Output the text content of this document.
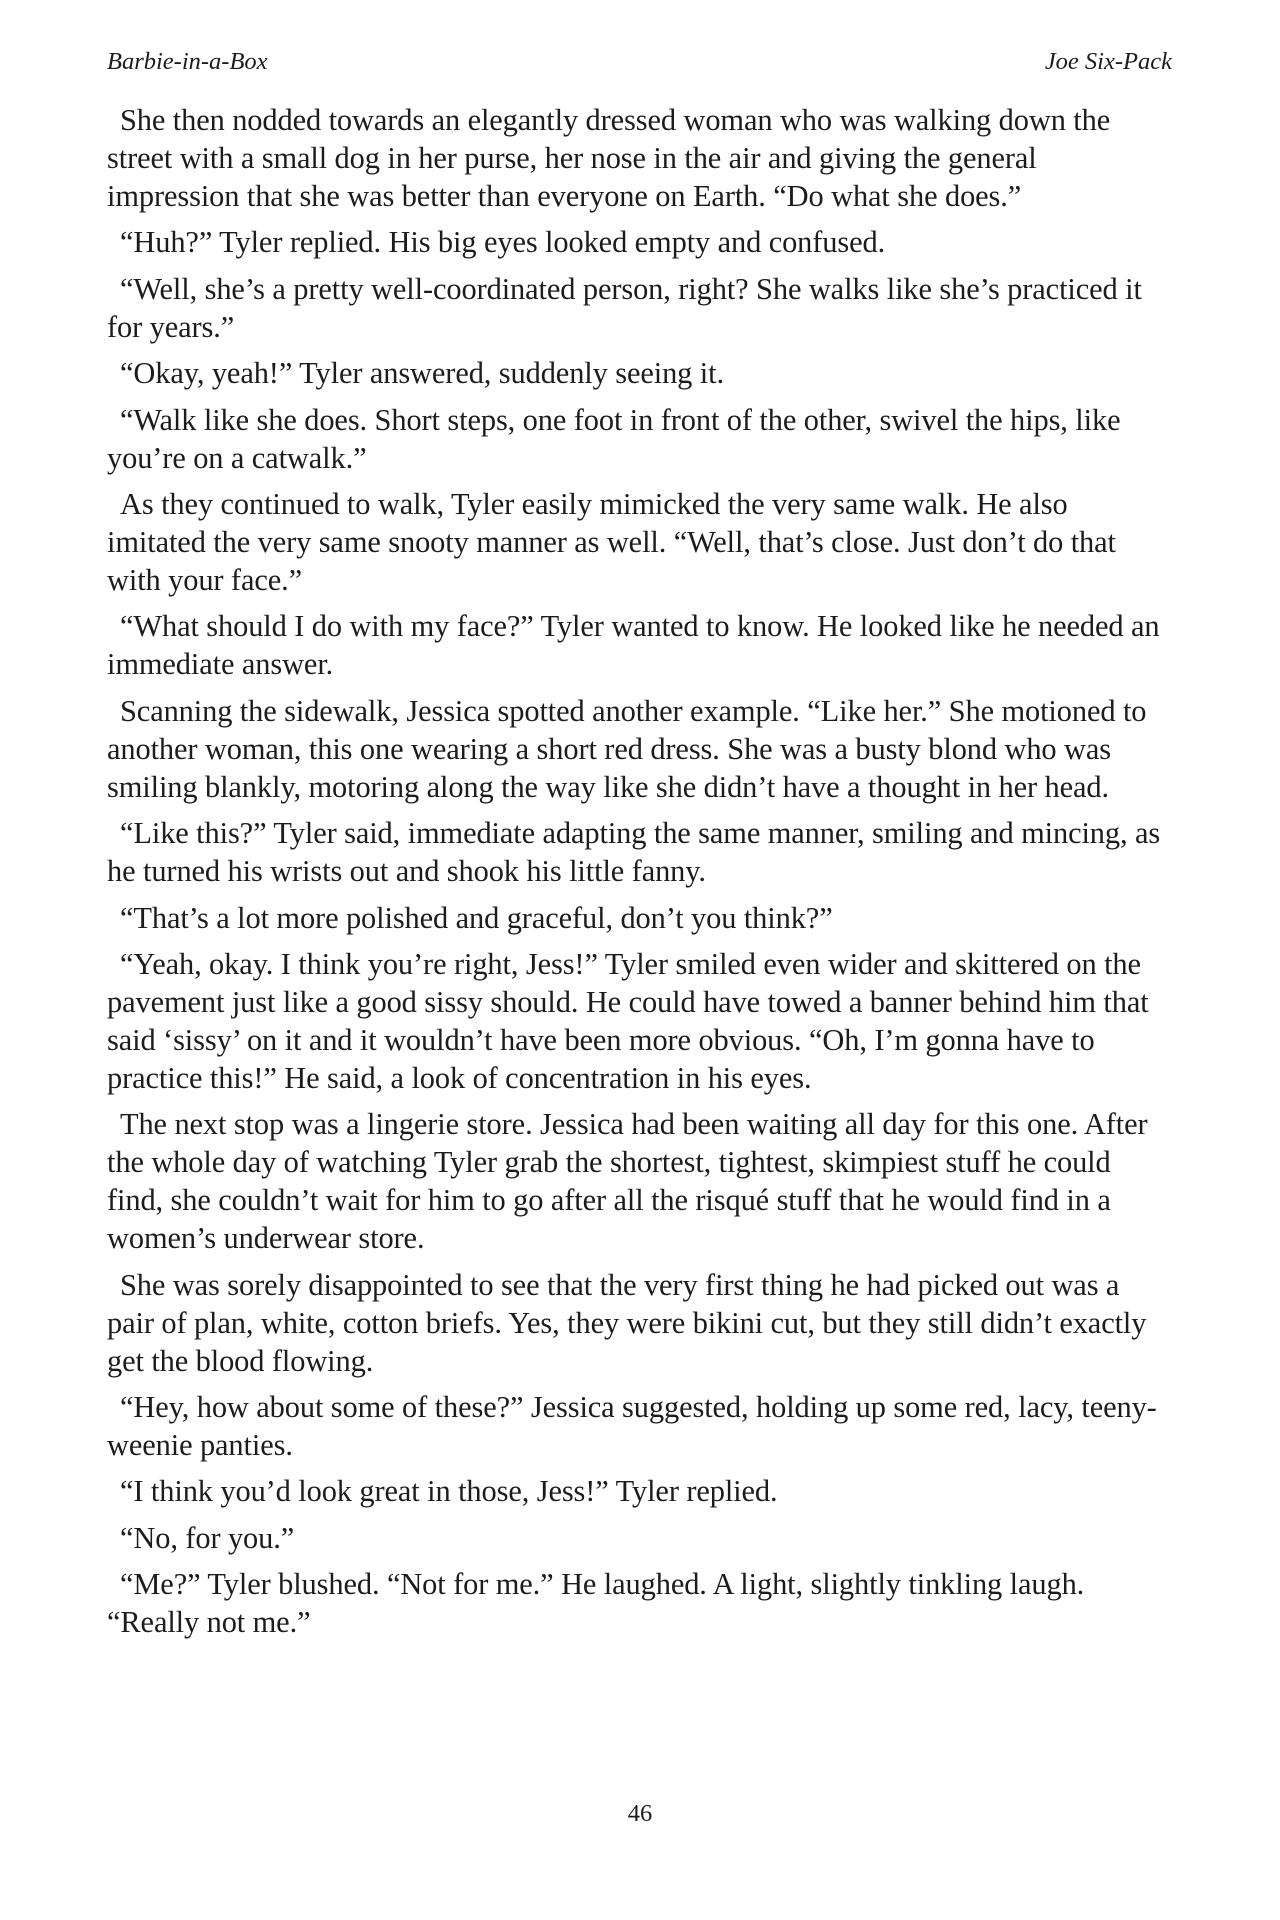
Barbie-in-a-Box	Joe Six-Pack

She then nodded towards an elegantly dressed woman who was walking down the street with a small dog in her purse, her nose in the air and giving the general impression that she was better than everyone on Earth. “Do what she does.”

“Huh?” Tyler replied. His big eyes looked empty and confused.

“Well, she’s a pretty well-coordinated person, right? She walks like she’s practiced it for years.”

“Okay, yeah!” Tyler answered, suddenly seeing it.

“Walk like she does. Short steps, one foot in front of the other, swivel the hips, like you’re on a catwalk.”

As they continued to walk, Tyler easily mimicked the very same walk. He also imitated the very same snooty manner as well. “Well, that’s close. Just don’t do that with your face.”

“What should I do with my face?” Tyler wanted to know. He looked like he needed an immediate answer.

Scanning the sidewalk, Jessica spotted another example. “Like her.” She motioned to another woman, this one wearing a short red dress. She was a busty blond who was smiling blankly, motoring along the way like she didn’t have a thought in her head.

“Like this?” Tyler said, immediate adapting the same manner, smiling and mincing, as he turned his wrists out and shook his little fanny.

“That’s a lot more polished and graceful, don’t you think?”

“Yeah, okay. I think you’re right, Jess!” Tyler smiled even wider and skittered on the pavement just like a good sissy should. He could have towed a banner behind him that said ‘sissy’ on it and it wouldn’t have been more obvious. “Oh, I’m gonna have to practice this!” He said, a look of concentration in his eyes.

The next stop was a lingerie store. Jessica had been waiting all day for this one. After the whole day of watching Tyler grab the shortest, tightest, skimpiest stuff he could find, she couldn’t wait for him to go after all the risqué stuff that he would find in a women’s underwear store.

She was sorely disappointed to see that the very first thing he had picked out was a pair of plan, white, cotton briefs. Yes, they were bikini cut, but they still didn’t exactly get the blood flowing.

“Hey, how about some of these?” Jessica suggested, holding up some red, lacy, teeny-weenie panties.

“I think you’d look great in those, Jess!” Tyler replied.

“No, for you.”

“Me?” Tyler blushed. “Not for me.” He laughed. A light, slightly tinkling laugh. “Really not me.”

46
